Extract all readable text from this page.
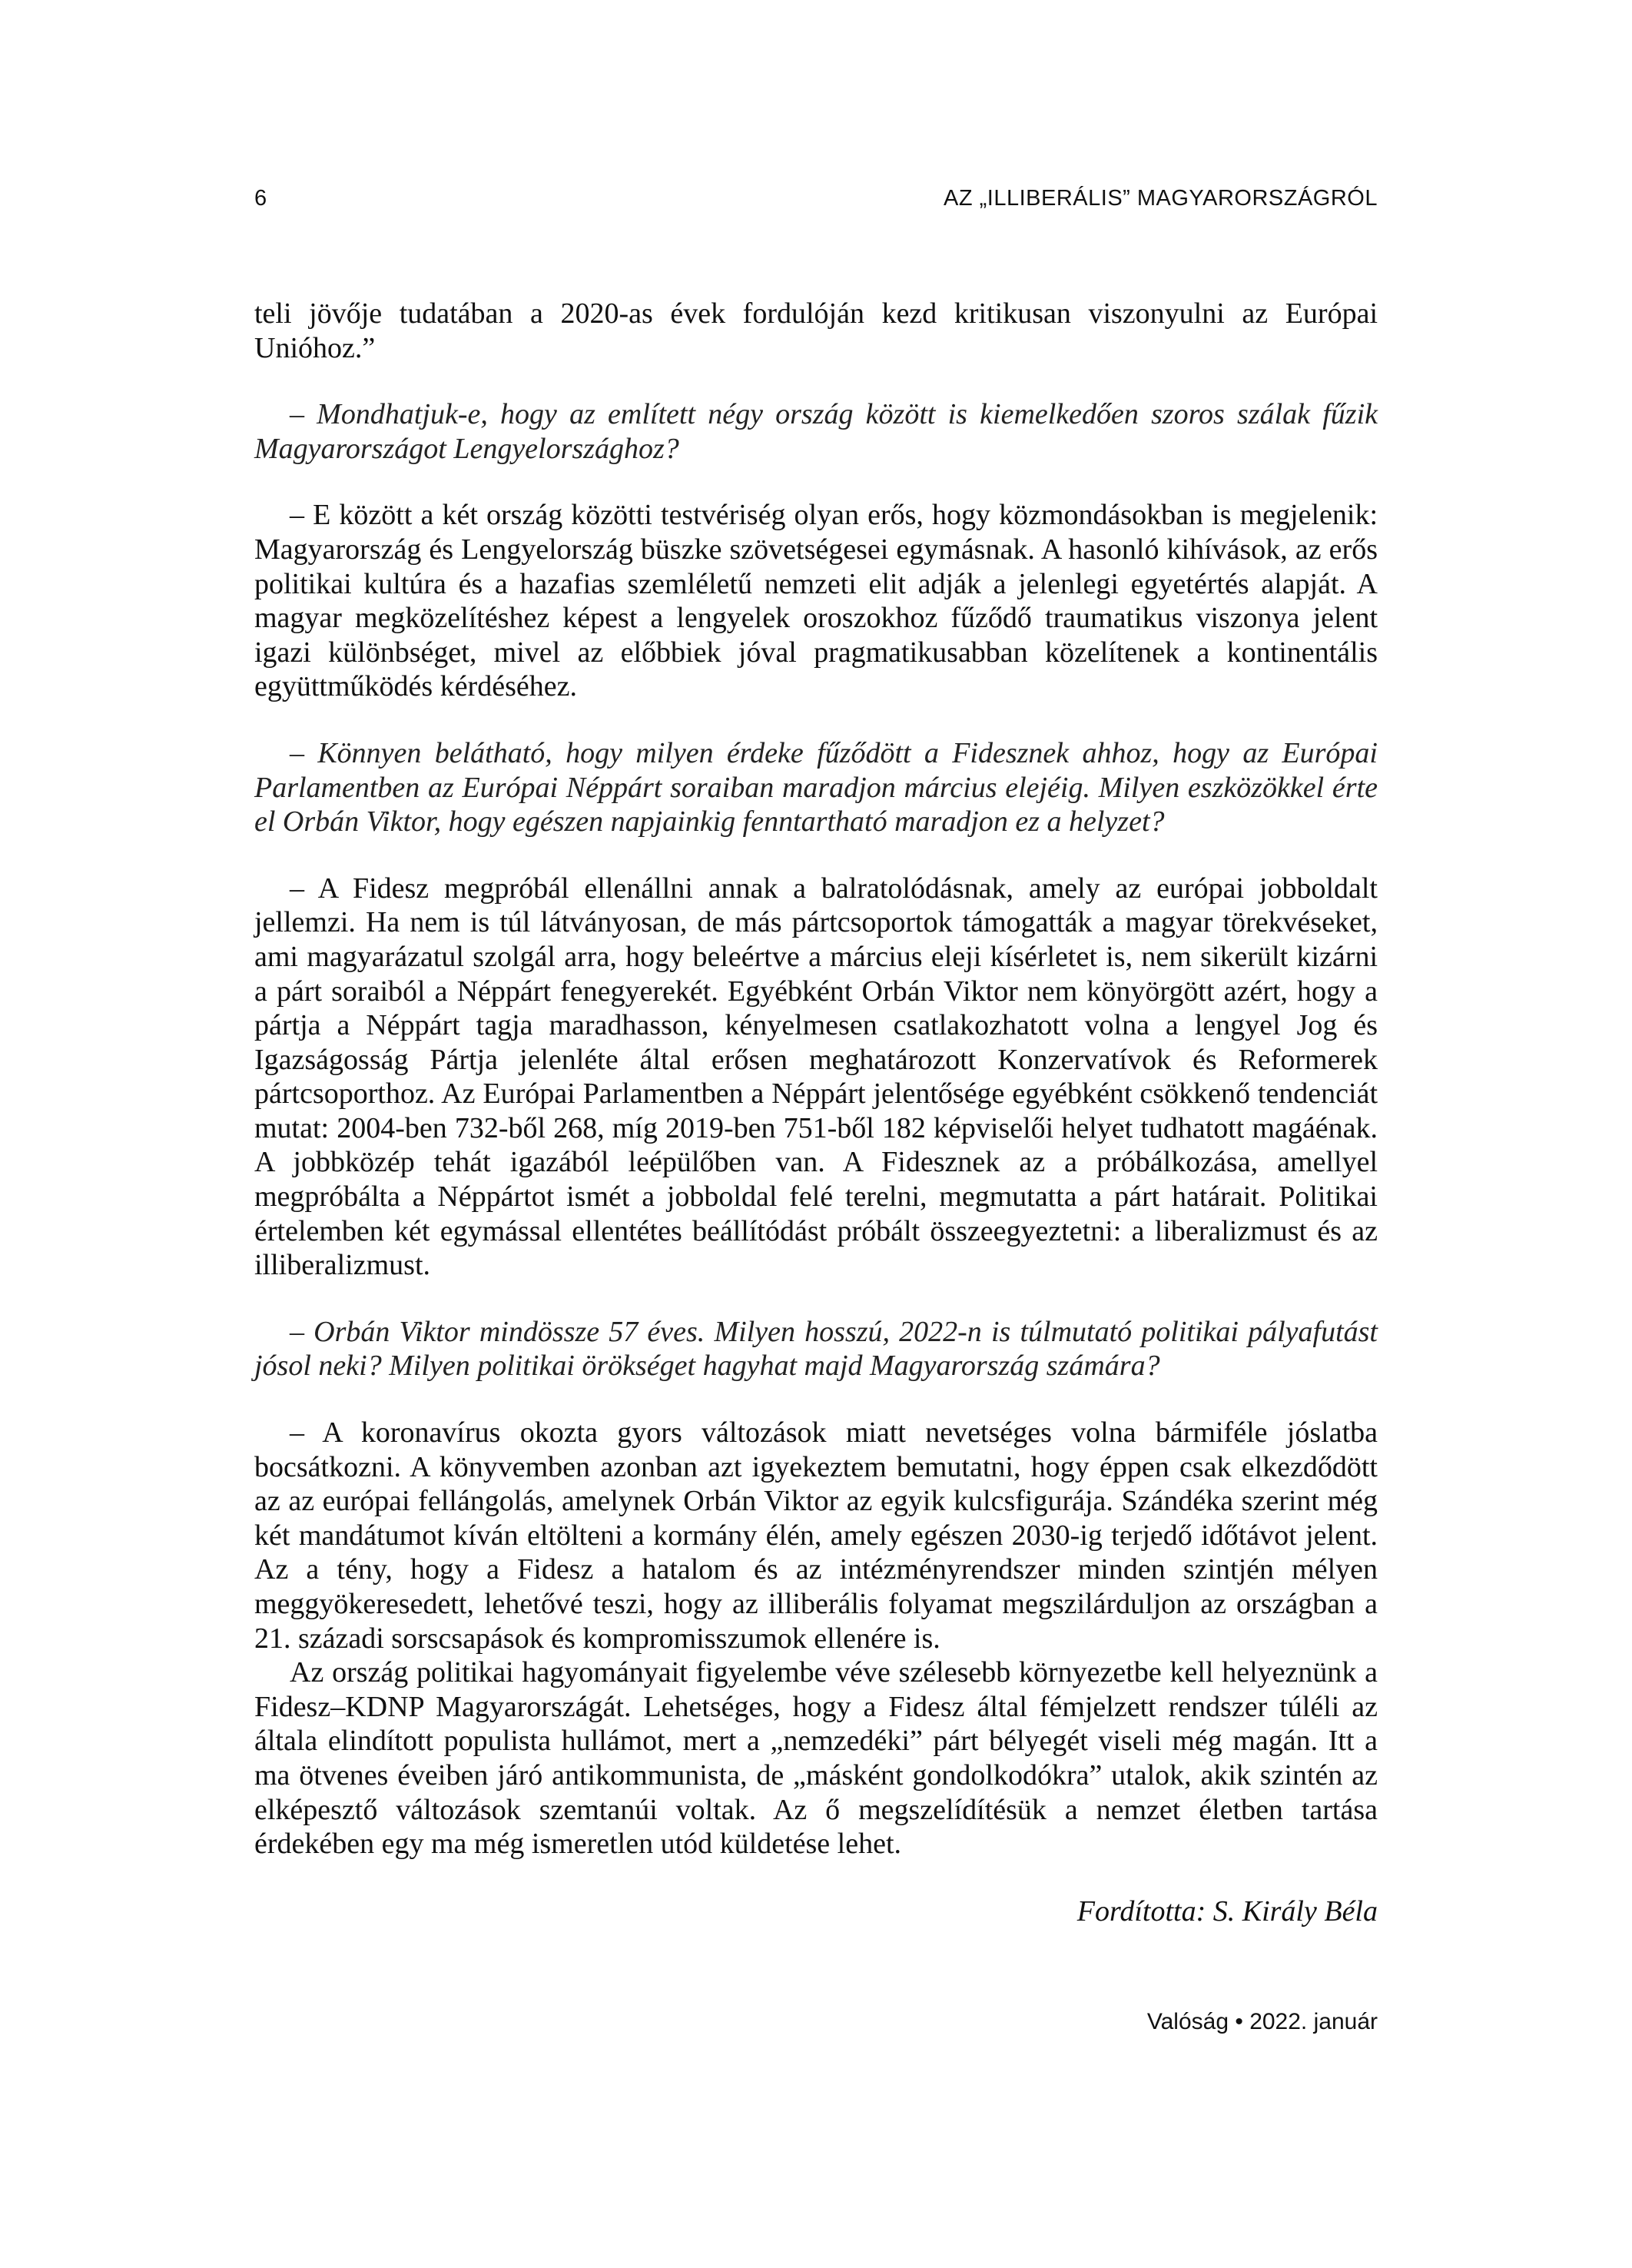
6	AZ „ILLIBERÁLIS” MAGYARORSZÁGRÓL

teli jövője tudatában a 2020-as évek fordulóján kezd kritikusan viszonyulni az Európai Unióhoz.”

– Mondhatjuk-e, hogy az említett négy ország között is kiemelkedően szoros szálak fűzik Magyarországot Lengyelországhoz?

– E között a két ország közötti testvériség olyan erős, hogy közmondásokban is megjelenik: Magyarország és Lengyelország büszke szövetségesei egymásnak. A hasonló kihívások, az erős politikai kultúra és a hazafias szemléletű nemzeti elit adják a jelenlegi egyetértés alapját. A magyar megközelítéshez képest a lengyelek oroszokhoz fűződő traumatikus viszonya jelent igazi különbséget, mivel az előbbiek jóval pragmatikusabban közelítenek a kontinentális együttműködés kérdéséhez.

– Könnyen belátható, hogy milyen érdeke fűződött a Fidesznek ahhoz, hogy az Európai Parlamentben az Európai Néppárt soraiban maradjon március elejéig. Milyen eszközökkel érte el Orbán Viktor, hogy egészen napjainkig fenntartható maradjon ez a helyzet?

– A Fidesz megpróbál ellenállni annak a balratolódásnak, amely az európai jobboldalt jellemzi. Ha nem is túl látványosan, de más pártcsoportok támogatták a magyar törekvéseket, ami magyarázatul szolgál arra, hogy beleértve a március eleji kísérletet is, nem sikerült kizárni a párt soraiból a Néppárt fenegyerekét. Egyébként Orbán Viktor nem könyörgött azért, hogy a pártja a Néppárt tagja maradhasson, kényelmesen csatlakozhatott volna a lengyel Jog és Igazságosság Pártja jelenléte által erősen meghatározott Konzervatívok és Reformerek pártcsoporthoz. Az Európai Parlamentben a Néppárt jelentősége egyébként csökkenő tendenciát mutat: 2004-ben 732-ből 268, míg 2019-ben 751-ből 182 képviselői helyet tudhatott magáénak. A jobbközép tehát igazából leépülőben van. A Fidesznek az a próbálkozása, amellyel megpróbálta a Néppártot ismét a jobboldal felé terelni, megmutatta a párt határait. Politikai értelemben két egymással ellentétes beállítódást próbált összeegyeztetni: a liberalizmust és az illiberalizmust.

– Orbán Viktor mindössze 57 éves. Milyen hosszú, 2022-n is túlmutató politikai pályafutást jósol neki? Milyen politikai örökséget hagyhat majd Magyarország számára?

– A koronavírus okozta gyors változások miatt nevetséges volna bármiféle jóslatba bocsátkozni. A könyvemben azonban azt igyekeztem bemutatni, hogy éppen csak elkezdődött az az európai fellángolás, amelynek Orbán Viktor az egyik kulcsfigurája. Szándéka szerint még két mandátumot kíván eltölteni a kormány élén, amely egészen 2030-ig terjedő időtávot jelent. Az a tény, hogy a Fidesz a hatalom és az intézményrendszer minden szintjén mélyen meggyökeresedett, lehetővé teszi, hogy az illiberális folyamat megszilárduljon az országban a 21. századi sorscsapások és kompromisszumok ellenére is.

Az ország politikai hagyományait figyelembe véve szélesebb környezetbe kell helyeznünk a Fidesz–KDNP Magyarországát. Lehetséges, hogy a Fidesz által fémjelzett rendszer túléli az általa elindított populista hullámot, mert a „nemzedéki” párt bélyegét viseli még magán. Itt a ma ötvenes éveiben járó antikommunista, de „másként gondolkodókra” utalok, akik szintén az elképesztő változások szemtanúi voltak. Az ő megszelídítésük a nemzet életben tartása érdekében egy ma még ismeretlen utód küldetése lehet.

Fordította: S. Király Béla
Valóság • 2022. január
